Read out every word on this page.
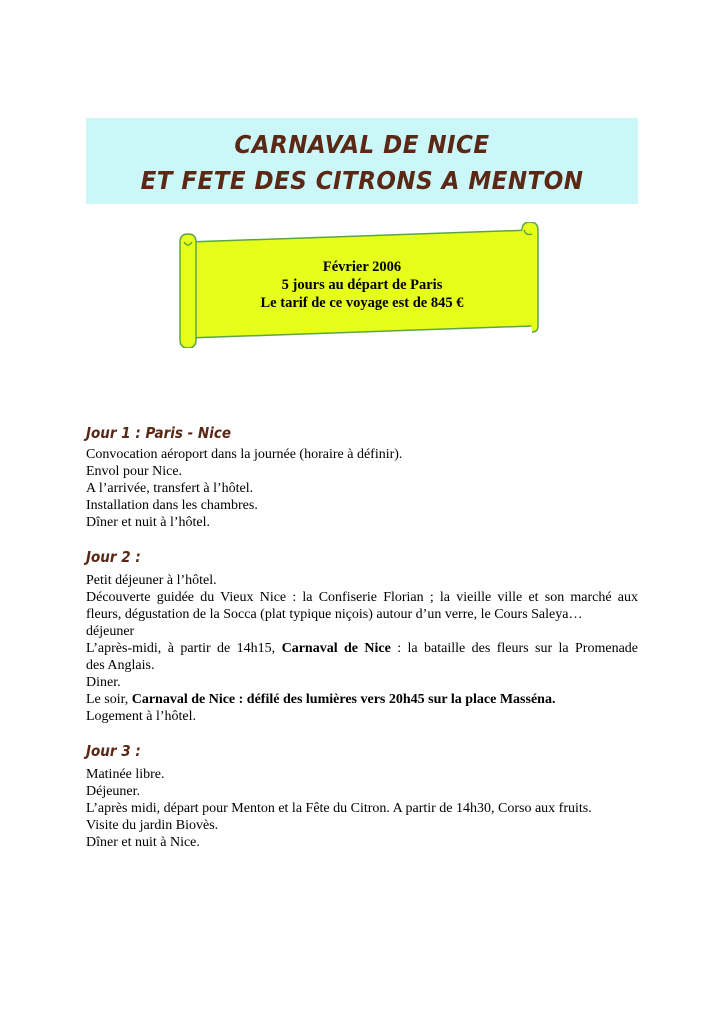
CARNAVAL DE NICE
ET FETE DES CITRONS A MENTON
Février 2006
5 jours au départ de Paris
Le tarif de ce voyage est de 845 €
Jour 1 : Paris - Nice
Convocation aéroport dans la journée (horaire à définir).
Envol pour Nice.
A l’arrivée, transfert à l’hôtel.
Installation dans les chambres.
Dîner et nuit à l’hôtel.
Jour 2 :
Petit déjeuner à l’hôtel.
Découverte guidée du Vieux Nice : la Confiserie Florian ; la vieille ville et son marché aux
fleurs, dégustation de la Socca (plat typique niçois) autour d’un verre, le Cours Saleya…
déjeuner
L’après-midi, à partir de 14h15, Carnaval de Nice : la bataille des fleurs sur la Promenade
des Anglais.
Diner.
Le soir, Carnaval de Nice : défilé des lumières vers 20h45 sur la place Masséna.
Logement à l’hôtel.
Jour 3 :
Matinée libre.
Déjeuner.
L’après midi, départ pour Menton et la Fête du Citron. A partir de 14h30, Corso aux fruits.
Visite du jardin Biovès.
Dîner et nuit à Nice.
